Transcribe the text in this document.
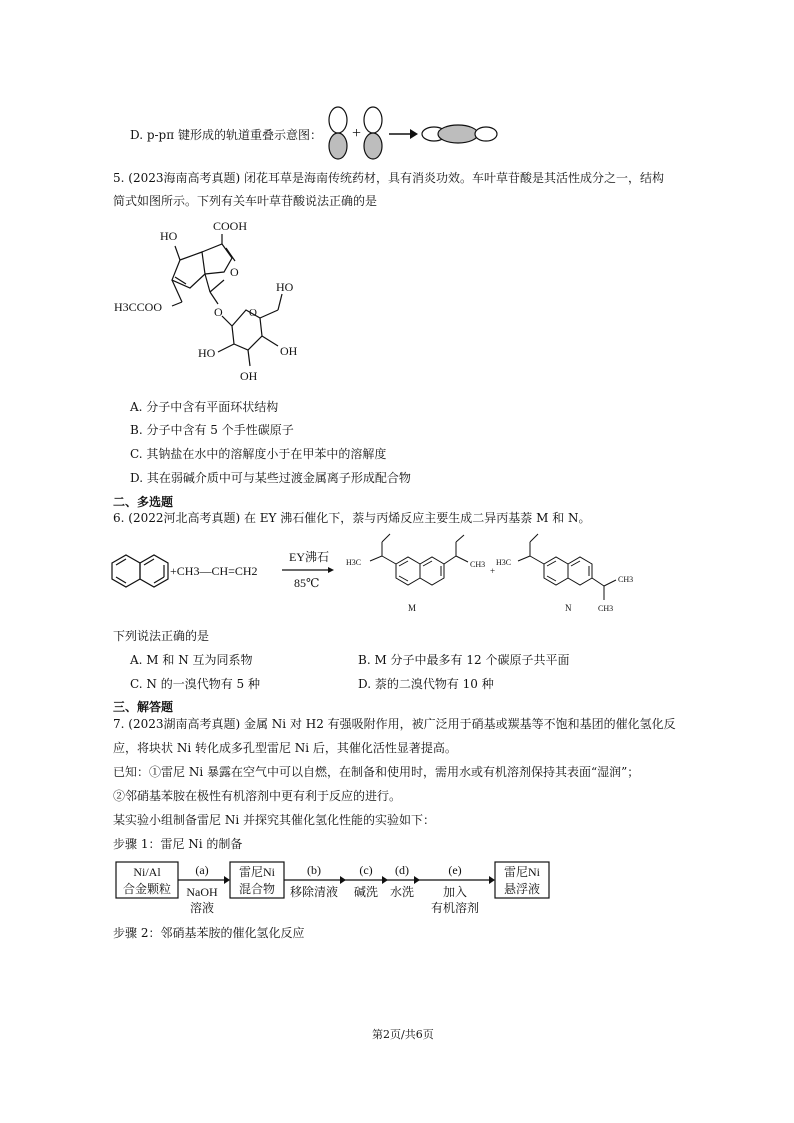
D. p-pπ 键形成的轨道重叠示意图： +
5. (2023海南高考真题) 闭花耳草是海南传统药材，具有消炎功效。车叶草苷酸是其活性成分之一，结构
简式如图所示。下列有关车叶草苷酸说法正确的是
HO
COOH
O
H3CCOO	O O
HO
HO	OH
OH
A. 分子中含有平面环状结构
B. 分子中含有 5 个手性碳原子
C. 其钠盐在水中的溶解度小于在甲苯中的溶解度
D. 其在弱碱介质中可与某些过渡金属离子形成配合物
二、多选题
6. (2022河北高考真题) 在 EY 沸石催化下，萘与丙烯反应主要生成二异丙基萘 M 和 N。
+CH3—CH=CH2
EY沸石
85℃
H3C	CH3
M
+
H3C
CH3
CH3
N
下列说法正确的是
A. M 和 N 互为同系物	B. M 分子中最多有 12 个碳原子共平面
C. N 的一溴代物有 5 种	D. 萘的二溴代物有 10 种
三、解答题
7. (2023湖南高考真题) 金属 Ni 对 H2 有强吸附作用，被广泛用于硝基或羰基等不饱和基团的催化氢化反
应，将块状 Ni 转化成多孔型雷尼 Ni 后，其催化活性显著提高。
已知：①雷尼 Ni 暴露在空气中可以自燃，在制备和使用时，需用水或有机溶剂保持其表面“湿润”；
②邻硝基苯胺在极性有机溶剂中更有利于反应的进行。
某实验小组制备雷尼 Ni 并探究其催化氢化性能的实验如下：
步骤 1：雷尼 Ni 的制备
Ni/Al
合金颗粒
(a)
NaOH
溶液
雷尼Ni
混合物
(b)
移除清液
(c)
碱洗
(d)
水洗
(e)
加入
有机溶剂
雷尼Ni
悬浮液
步骤 2：邻硝基苯胺的催化氢化反应
第2页/共6页
